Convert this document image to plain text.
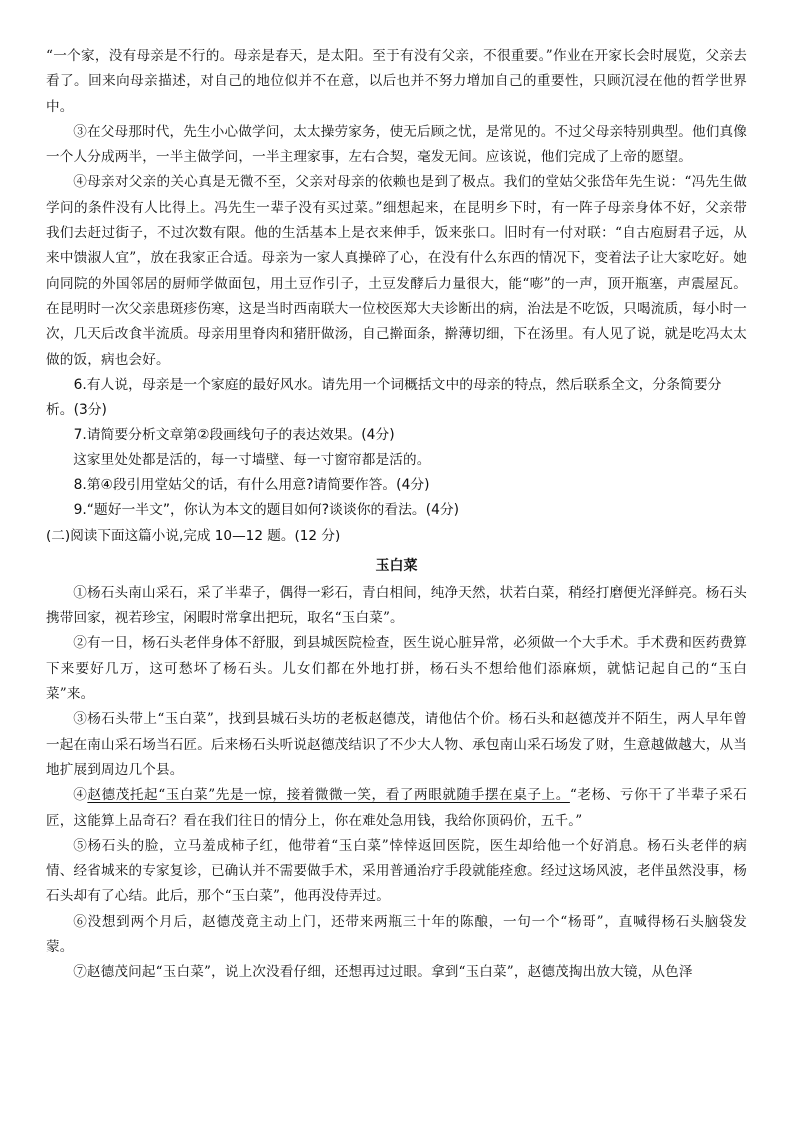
“一个家，没有母亲是不行的。母亲是春天，是太阳。至于有没有父亲，不很重要。”作业在开家长会时展览，父亲去看了。回来向母亲描述，对自己的地位似并不在意，以后也并不努力增加自己的重要性，只顾沉浸在他的哲学世界中。

③在父母那时代，先生小心做学问，太太操劳家务，使无后顾之忧，是常见的。不过父母亲特别典型。他们真像一个人分成两半，一半主做学问，一半主理家事，左右合契，毫发无间。应该说，他们完成了上帝的愿望。

④母亲对父亲的关心真是无微不至，父亲对母亲的依赖也是到了极点。我们的堂姑父张岱年先生说：“冯先生做学问的条件没有人比得上。冯先生一辈子没有买过菜。”细想起来，在昆明乡下时，有一阵子母亲身体不好，父亲带我们去赶过街子，不过次数有限。他的生活基本上是衣来伸手，饭来张口。旧时有一付对联：“自古庖厨君子远，从来中馈淑人宜”，放在我家正合适。母亲为一家人真操碎了心，在没有什么东西的情况下，变着法子让大家吃好。她向同院的外国邻居的厨师学做面包，用土豆作引子，土豆发酵后力量很大，能“嘭”的一声，顶开瓶塞，声震屋瓦。在昆明时一次父亲患斑疹伤寒，这是当时西南联大一位校医郑大夫诊断出的病，治法是不吃饭，只喝流质，每小时一次，几天后改食半流质。母亲用里脊肉和猪肝做汤，自己擀面条，擀薄切细，下在汤里。有人见了说，就是吃冯太太做的饭，病也会好。

6.有人说，母亲是一个家庭的最好风水。请先用一个词概括文中的母亲的特点，然后联系全文，分条简要分析。(3分)

7.请简要分析文章第②段画线句子的表达效果。(4分)

这家里处处都是活的，每一寸墙壁、每一寸窗帘都是活的。

8.第④段引用堂姑父的话，有什么用意?请简要作答。(4分)

9.“题好一半文”，你认为本文的题目如何?谈谈你的看法。(4分)

(二)阅读下面这篇小说,完成 10—12 题。(12 分)

玉白菜

①杨石头南山采石，采了半辈子，偶得一彩石，青白相间，纯净天然，状若白菜，稍经打磨便光泽鲜亮。杨石头携带回家，视若珍宝，闲暇时常拿出把玩，取名“玉白菜”。

②有一日，杨石头老伴身体不舒服，到县城医院检查，医生说心脏异常，必须做一个大手术。手术费和医药费算下来要好几万，这可愁坏了杨石头。儿女们都在外地打拼，杨石头不想给他们添麻烦，就惦记起自己的“玉白菜”来。

③杨石头带上“玉白菜”，找到县城石头坊的老板赵德茂，请他估个价。杨石头和赵德茂并不陌生，两人早年曾一起在南山采石场当石匠。后来杨石头听说赵德茂结识了不少大人物、承包南山采石场发了财，生意越做越大，从当地扩展到周边几个县。

④赵德茂托起“玉白菜”先是一惊，接着微微一笑，看了两眼就随手摆在桌子上。“老杨、亏你干了半辈子采石匠，这能算上品奇石？看在我们往日的情分上，你在难处急用钱，我给你顶码价，五千。”

⑤杨石头的脸，立马羞成柿子红，他带着“玉白菜”悻悻返回医院，医生却给他一个好消息。杨石头老伴的病情、经省城来的专家复诊，已确认并不需要做手术，采用普通治疗手段就能痊愈。经过这场风波，老伴虽然没事，杨石头却有了心结。此后，那个“玉白菜”，他再没侍弄过。

⑥没想到两个月后，赵德茂竟主动上门，还带来两瓶三十年的陈酿，一句一个“杨哥”，直喊得杨石头脑袋发蒙。

⑦赵德茂问起“玉白菜”，说上次没看仔细，还想再过过眼。拿到“玉白菜”，赵德茂掏出放大镜，从色泽
